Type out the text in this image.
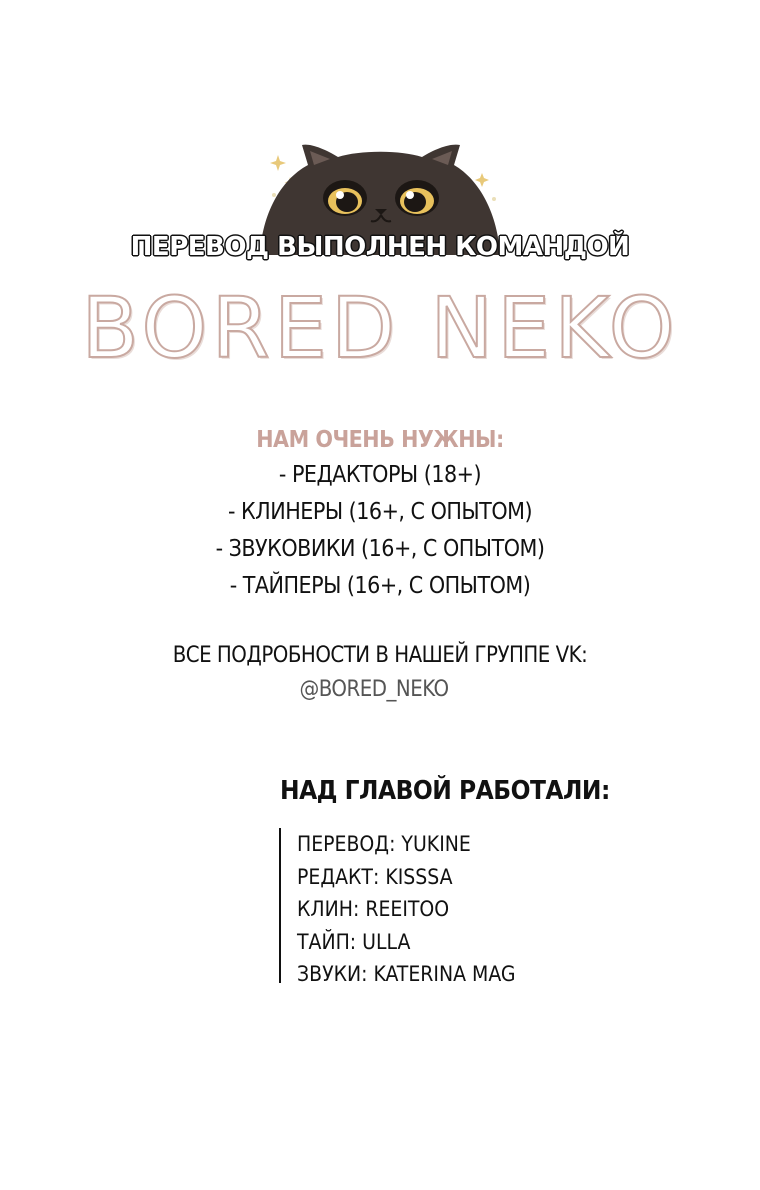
ПЕРЕВОД ВЫПОЛНЕН КОМАНДОЙ
BORED NEKO
НАМ ОЧЕНЬ НУЖНЫ:
- РЕДАКТОРЫ (18+)
- КЛИНЕРЫ (16+, С ОПЫТОМ)
- ЗВУКОВИКИ (16+, С ОПЫТОМ)
- ТАЙПЕРЫ (16+, С ОПЫТОМ)
ВСЕ ПОДРОБНОСТИ В НАШЕЙ ГРУППЕ VK:
@BORED_NEKO
НАД ГЛАВОЙ РАБОТАЛИ:
ПЕРЕВОД: YUKINE
РЕДАКТ: KISSSA
КЛИН: REEITOO
ТАЙП: ULLA
ЗВУКИ: KATERINA MAG
